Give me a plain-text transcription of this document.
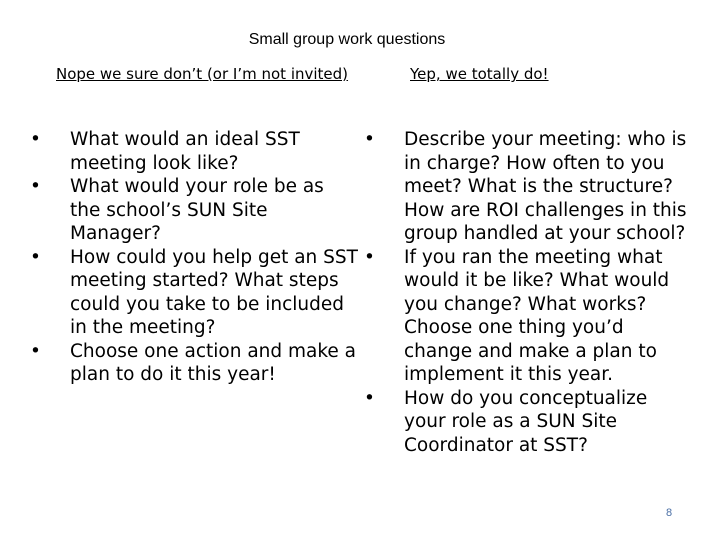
Small group work questions
Nope we sure don’t (or I’m not invited)	Yep, we totally do!
•	What would an ideal SST meeting look like?
•	What would your role be as the school’s SUN Site Manager?
•	How could you help get an SST meeting started? What steps could you take to be included in the meeting?
•	Choose one action and make a plan to do it this year!
•	Describe your meeting: who is in charge? How often to you meet? What is the structure? How are ROI challenges in this group handled at your school?
•	If you ran the meeting what would it be like? What would you change? What works? Choose one thing you’d change and make a plan to implement it this year.
•	How do you conceptualize your role as a SUN Site Coordinator at SST?
8
